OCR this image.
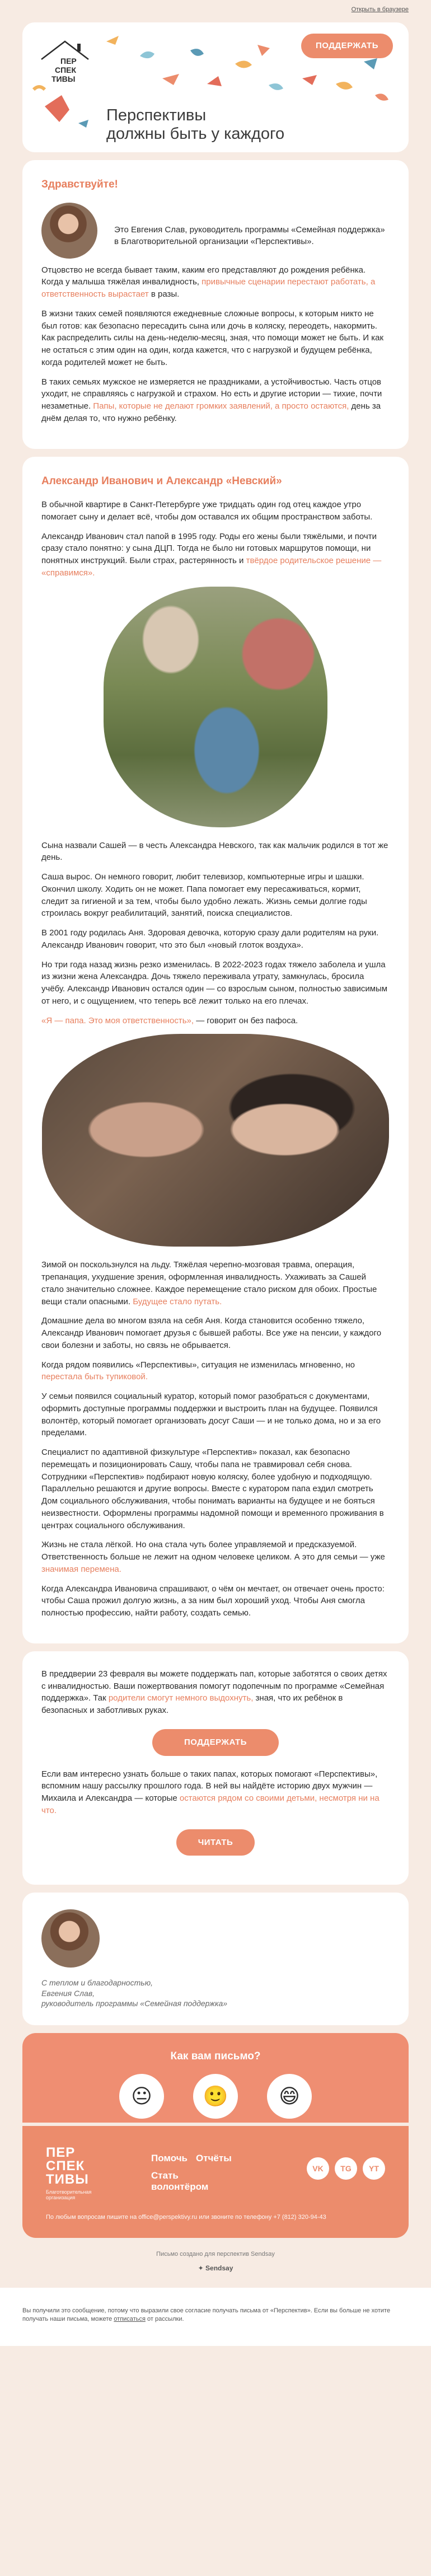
Открыть в браузере
ПЕР
СПЕК
ТИВЫ
ПОДДЕРЖАТЬ
Перспективы
должны быть у каждого
Здравствуйте!

Это Евгения Слав, руководитель программы «Семейная поддержка» в Благотворительной организации «Перспективы».

Отцовство не всегда бывает таким, каким его представляют до рождения ребёнка. Когда у малыша тяжёлая инвалидность, привычные сценарии перестают работать, а ответственность вырастает в разы.

В жизни таких семей появляются ежедневные сложные вопросы, к которым никто не был готов: как безопасно пересадить сына или дочь в коляску, переодеть, накормить. Как распределить силы на день-неделю-месяц, зная, что помощи может не быть. И как не остаться с этим один на один, когда кажется, что с нагрузкой и будущем ребёнка, когда родителей может не быть.

В таких семьях мужское не измеряется не праздниками, а устойчивостью. Часть отцов уходит, не справляясь с нагрузкой и страхом. Но есть и другие истории — тихие, почти незаметные. Папы, которые не делают громких заявлений, а просто остаются, день за днём делая то, что нужно ребёнку.

Александр Иванович и Александр «Невский»

В обычной квартире в Санкт-Петербурге уже тридцать один год отец каждое утро помогает сыну и делает всё, чтобы дом оставался их общим пространством заботы.

Александр Иванович стал папой в 1995 году. Роды его жены были тяжёлыми, и почти сразу стало понятно: у сына ДЦП. Тогда не было ни готовых маршрутов помощи, ни понятных инструкций. Были страх, растерянность и твёрдое родительское решение — «справимся».

Сына назвали Сашей — в честь Александра Невского, так как мальчик родился в тот же день.

Саша вырос. Он немного говорит, любит телевизор, компьютерные игры и шашки. Окончил школу. Ходить он не может. Папа помогает ему пересаживаться, кормит, следит за гигиеной и за тем, чтобы было удобно лежать. Жизнь семьи долгие годы строилась вокруг реабилитаций, занятий, поиска специалистов.

В 2001 году родилась Аня. Здоровая девочка, которую сразу дали родителям на руки. Александр Иванович говорит, что это был «новый глоток воздуха».

Но три года назад жизнь резко изменилась. В 2022-2023 годах тяжело заболела и ушла из жизни жена Александра. Дочь тяжело переживала утрату, замкнулась, бросила учёбу. Александр Иванович остался один — со взрослым сыном, полностью зависимым от него, и с ощущением, что теперь всё лежит только на его плечах.

«Я — папа. Это моя ответственность», — говорит он без пафоса.

Зимой он поскользнулся на льду. Тяжёлая черепно-мозговая травма, операция, трепанация, ухудшение зрения, оформленная инвалидность. Ухаживать за Сашей стало значительно сложнее. Каждое перемещение стало риском для обоих. Простые вещи стали опасными. Будущее стало путать.

Домашние дела во многом взяла на себя Аня. Когда становится особенно тяжело, Александр Иванович помогает друзья с бывшей работы. Все уже на пенсии, у каждого свои болезни и заботы, но связь не обрывается.

Когда рядом появились «Перспективы», ситуация не изменилась мгновенно, но перестала быть тупиковой.

У семьи появился социальный куратор, который помог разобраться с документами, оформить доступные программы поддержки и выстроить план на будущее. Появился волонтёр, который помогает организовать досуг Саши — и не только дома, но и за его пределами.

Специалист по адаптивной физкультуре «Перспектив» показал, как безопасно перемещать и позиционировать Сашу, чтобы папа не травмировал себя снова. Сотрудники «Перспектив» подбирают новую коляску, более удобную и подходящую. Параллельно решаются и другие вопросы. Вместе с куратором папа ездил смотреть Дом социального обслуживания, чтобы понимать варианты на будущее и не бояться неизвестности. Оформлены программы надомной помощи и временного проживания в центрах социального обслуживания.

Жизнь не стала лёгкой. Но она стала чуть более управляемой и предсказуемой. Ответственность больше не лежит на одном человеке целиком. А это для семьи — уже значимая перемена.

Когда Александра Ивановича спрашивают, о чём он мечтает, он отвечает очень просто: чтобы Саша прожил долгую жизнь, а за ним был хороший уход. Чтобы Аня смогла полностью профессию, найти работу, создать семью.

В преддверии 23 февраля вы можете поддержать пап, которые заботятся о своих детях с инвалидностью. Ваши пожертвования помогут подопечным по программе «Семейная поддержка». Так родители смогут немного выдохнуть, зная, что их ребёнок в безопасных и заботливых руках.

ПОДДЕРЖАТЬ

Если вам интересно узнать больше о таких папах, которых помогают «Перспективы», вспомним нашу рассылку прошлого года. В ней вы найдёте историю двух мужчин — Михаила и Александра — которые остаются рядом со своими детьми, несмотря ни на что.

ЧИТАТЬ
С теплом и благодарностью,
Евгения Слав,
руководитель программы «Семейная поддержка»
Как вам письмо?
😐	🙂	😄
ПЕР
СПЕК
ТИВЫ
Благотворительная организация
Помочь Отчёты
Стать волонтёром
VK	TG	YT
По любым вопросам пишите на office@perspektivy.ru или звоните по телефону +7 (812) 320-94-43
Письмо создано для перспектив Sendsay
✦ Sendsay
Вы получили это сообщение, потому что выразили свое согласие получать письма от «Перспектив». Если вы больше не хотите получать наши письма, можете отписаться от рассылки.
